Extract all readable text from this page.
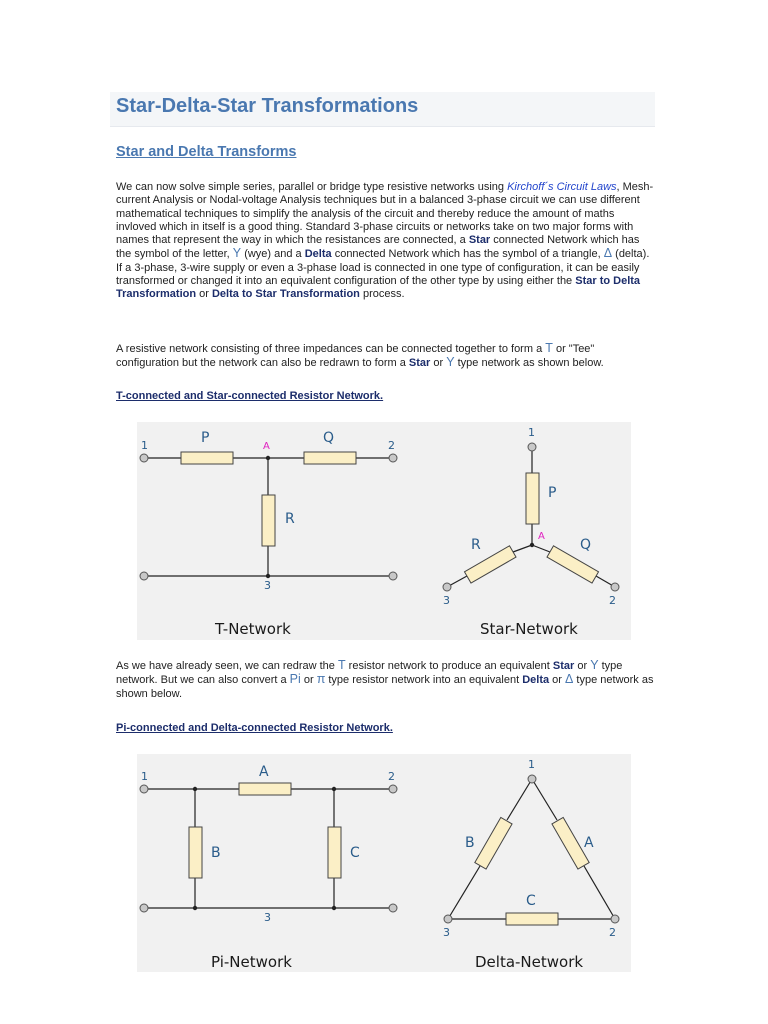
Star-Delta-Star Transformations
Star and Delta Transforms

We can now solve simple series, parallel or bridge type resistive networks using Kirchoff´s Circuit Laws, Mesh-current Analysis or Nodal-voltage Analysis techniques but in a balanced 3-phase circuit we can use different mathematical techniques to simplify the analysis of the circuit and thereby reduce the amount of maths invloved which in itself is a good thing. Standard 3-phase circuits or networks take on two major forms with names that represent the way in which the resistances are connected, a Star connected Network which has the symbol of the letter, Y (wye) and a Delta connected Network which has the symbol of a triangle, Δ (delta). If a 3-phase, 3-wire supply or even a 3-phase load is connected in one type of configuration, it can be easily transformed or changed it into an equivalent configuration of the other type by using either the Star to Delta Transformation or Delta to Star Transformation process.

A resistive network consisting of three impedances can be connected together to form a T or "Tee" configuration but the network can also be redrawn to form a Star or Y type network as shown below.

T-connected and Star-connected Resistor Network.

1	2
3
A
P	Q
R
T-Network
1
2
3
A
P
Q
R
Star-Network

As we have already seen, we can redraw the T resistor network to produce an equivalent Star or Y type network. But we can also convert a Pi or π type resistor network into an equivalent Delta or Δ type network as shown below.

Pi-connected and Delta-connected Resistor Network.

1	2
3
A
B	C
Pi-Network
1
2
3
A
B
C
Delta-Network
